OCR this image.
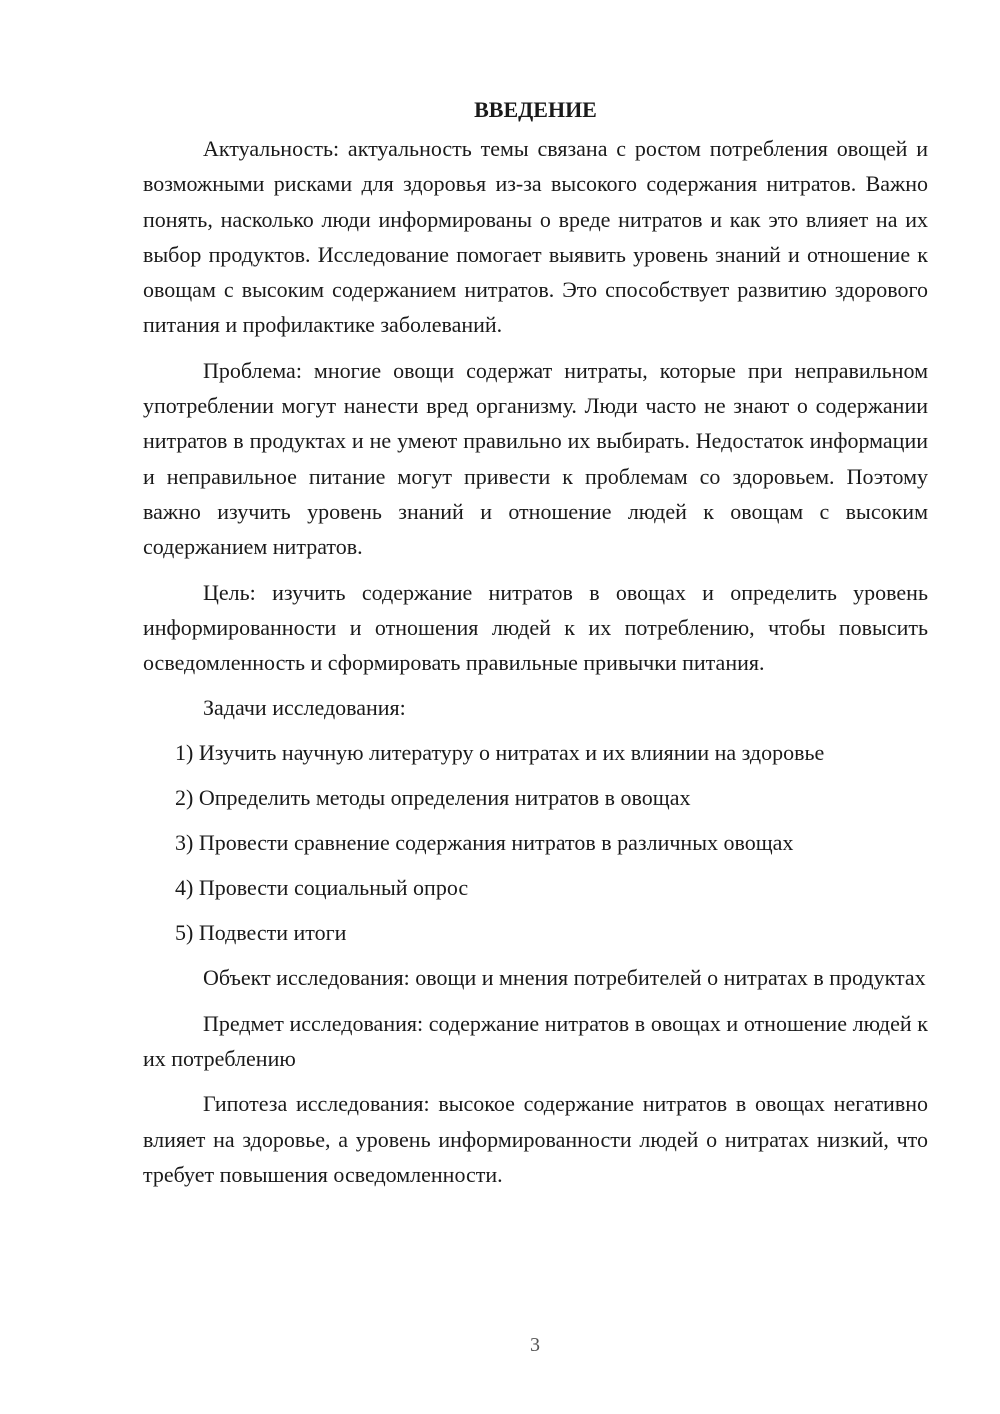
ВВЕДЕНИЕ

Актуальность: актуальность темы связана с ростом потребления овощей и возможными рисками для здоровья из-за высокого содержания нитратов. Важно понять, насколько люди информированы о вреде нитратов и как это влияет на их выбор продуктов. Исследование помогает выявить уровень знаний и отношение к овощам с высоким содержанием нитратов. Это способствует развитию здорового питания и профилактике заболеваний.

Проблема: многие овощи содержат нитраты, которые при неправильном употреблении могут нанести вред организму. Люди часто не знают о содержании нитратов в продуктах и не умеют правильно их выбирать. Недостаток информации и неправильное питание могут привести к проблемам со здоровьем. Поэтому важно изучить уровень знаний и отношение людей к овощам с высоким содержанием нитратов.

Цель: изучить содержание нитратов в овощах и определить уровень информированности и отношения людей к их потреблению, чтобы повысить осведомленность и сформировать правильные привычки питания.

Задачи исследования:
1) Изучить научную литературу о нитратах и их влиянии на здоровье
2) Определить методы определения нитратов в овощах
3) Провести сравнение содержания нитратов в различных овощах
4) Провести социальный опрос
5) Подвести итоги

Объект исследования: овощи и мнения потребителей о нитратах в продуктах

Предмет исследования: содержание нитратов в овощах и отношение людей к их потреблению

Гипотеза исследования: высокое содержание нитратов в овощах негативно влияет на здоровье, а уровень информированности людей о нитратах низкий, что требует повышения осведомленности.

3
